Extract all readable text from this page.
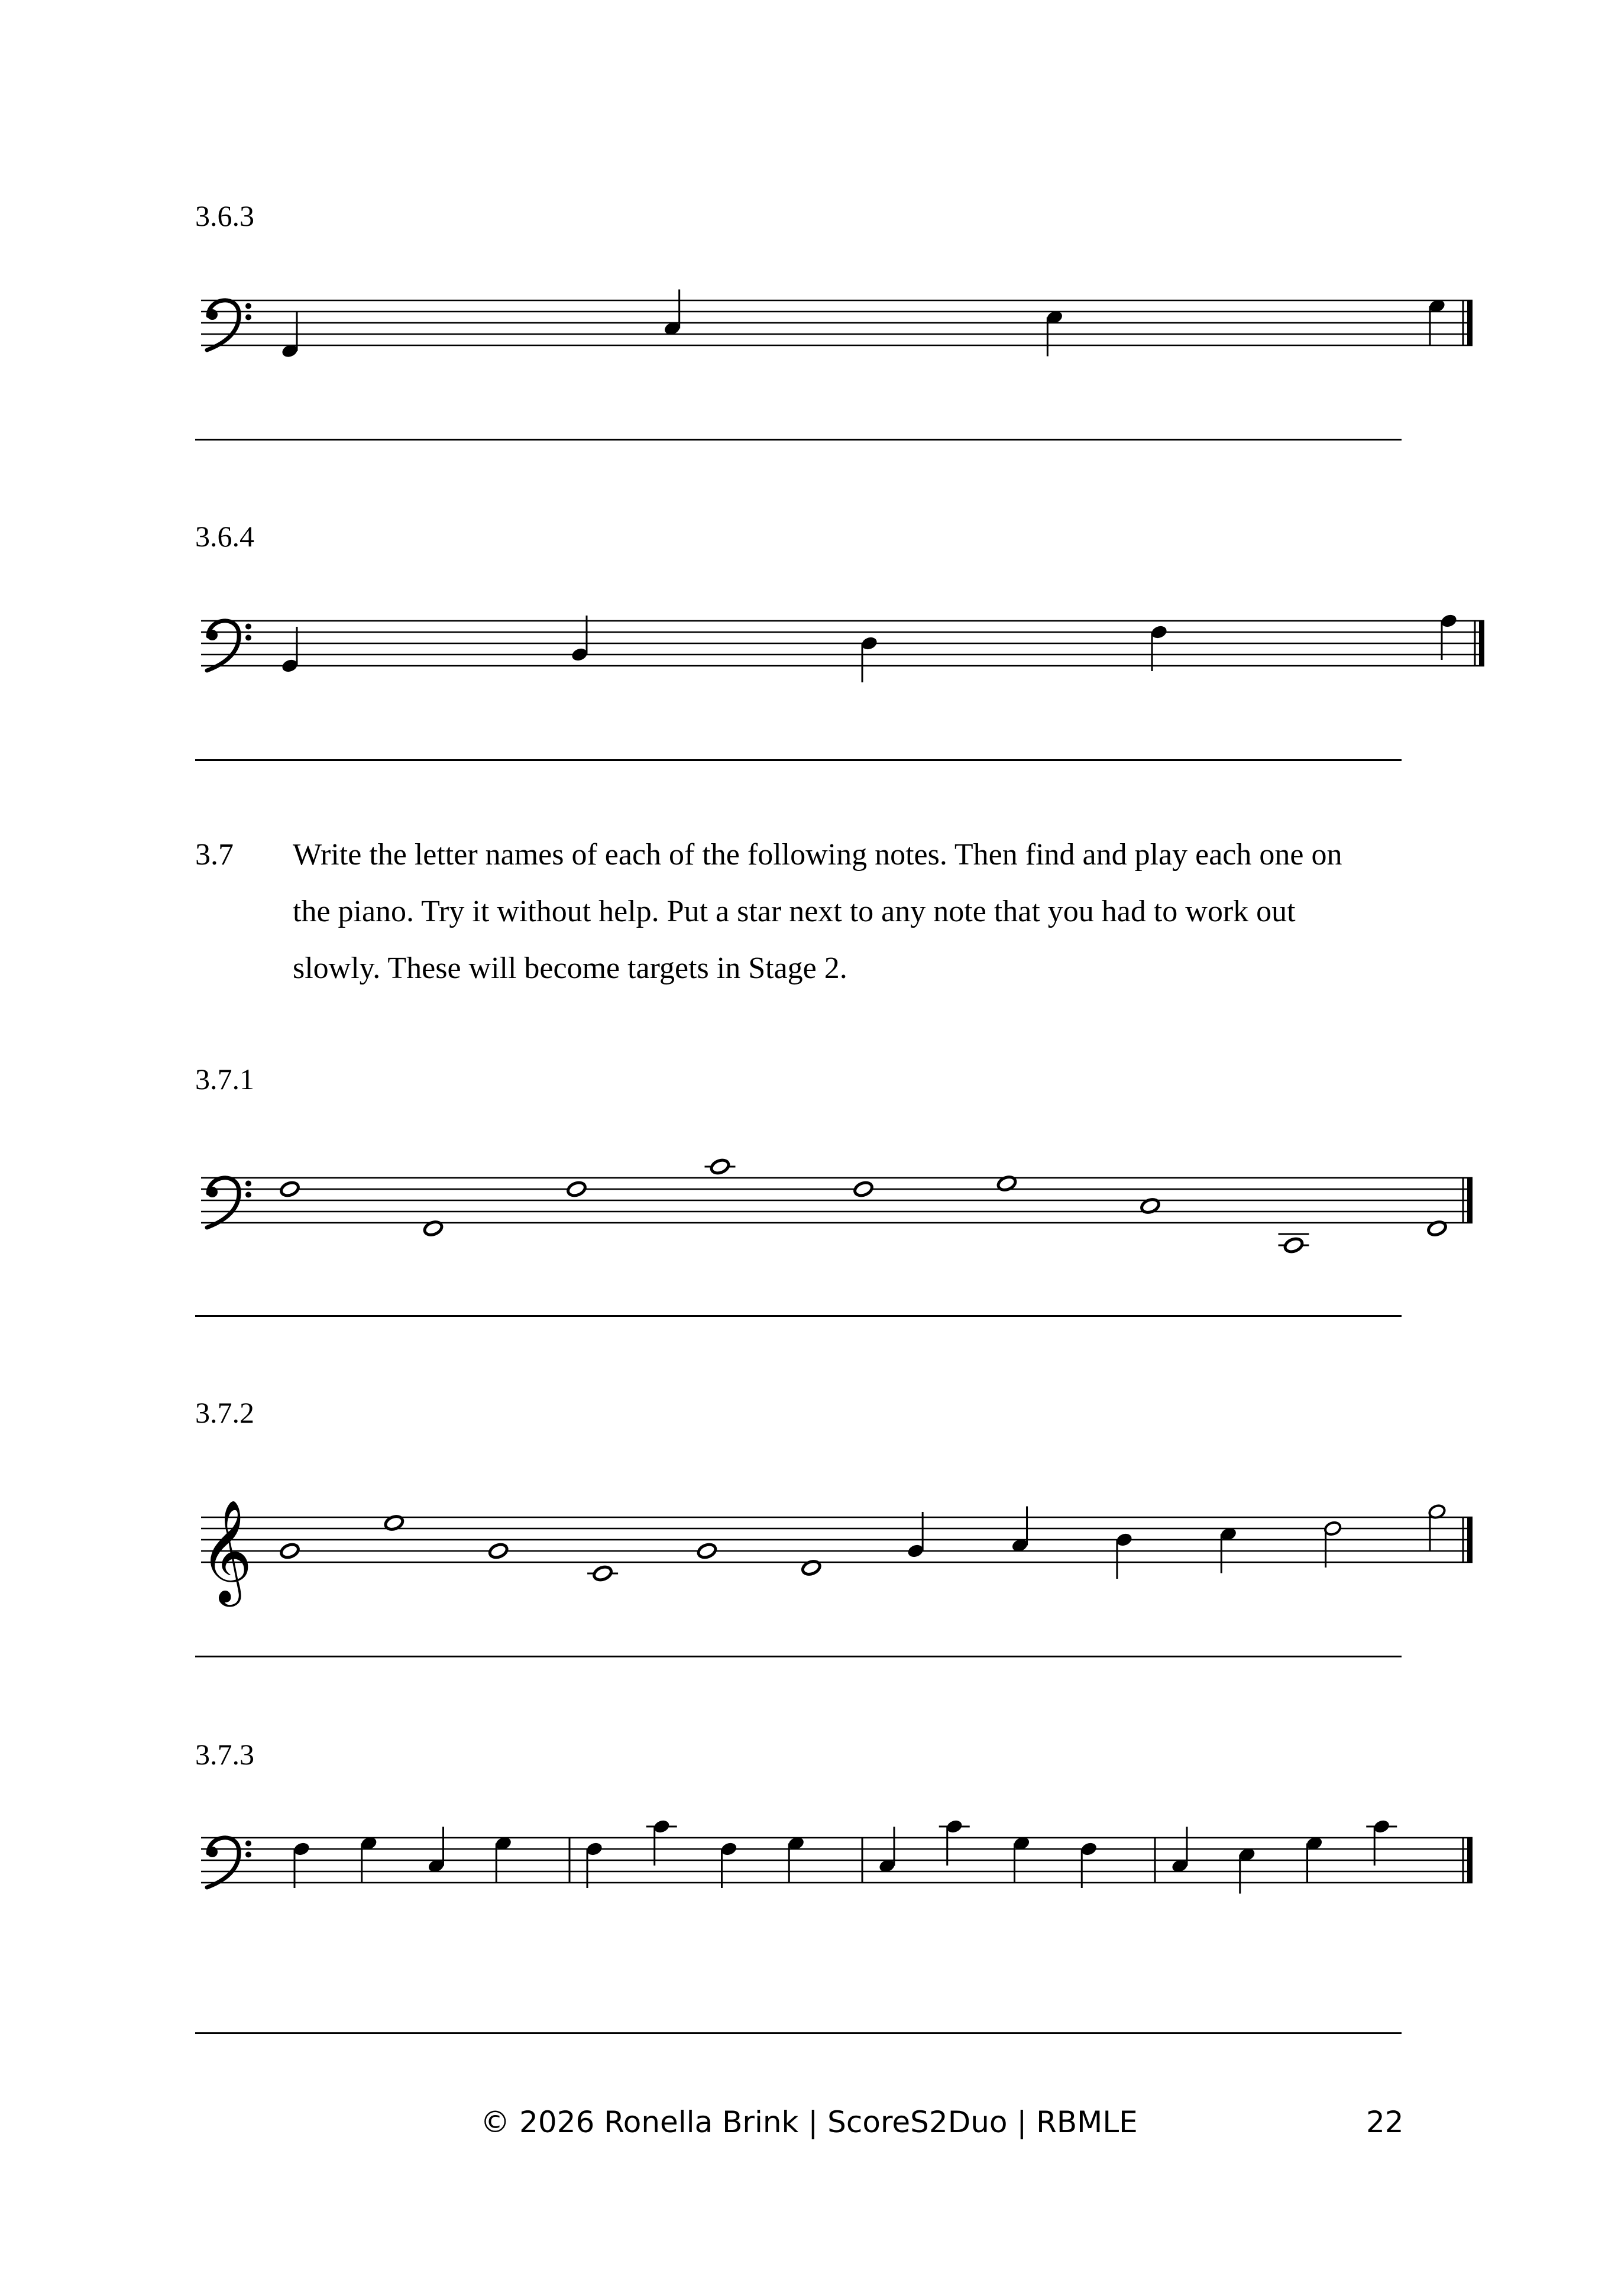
3.6.3
3.6.4
3.7 Write the letter names of each of the following notes. Then find and play each one on

the piano. Try it without help. Put a star next to any note that you had to work out

slowly. These will become targets in Stage 2.

3.7.1
3.7.2
𝄞
3.7.3
© 2026 Ronella Brink | ScoreS2Duo | RBMLE	22
